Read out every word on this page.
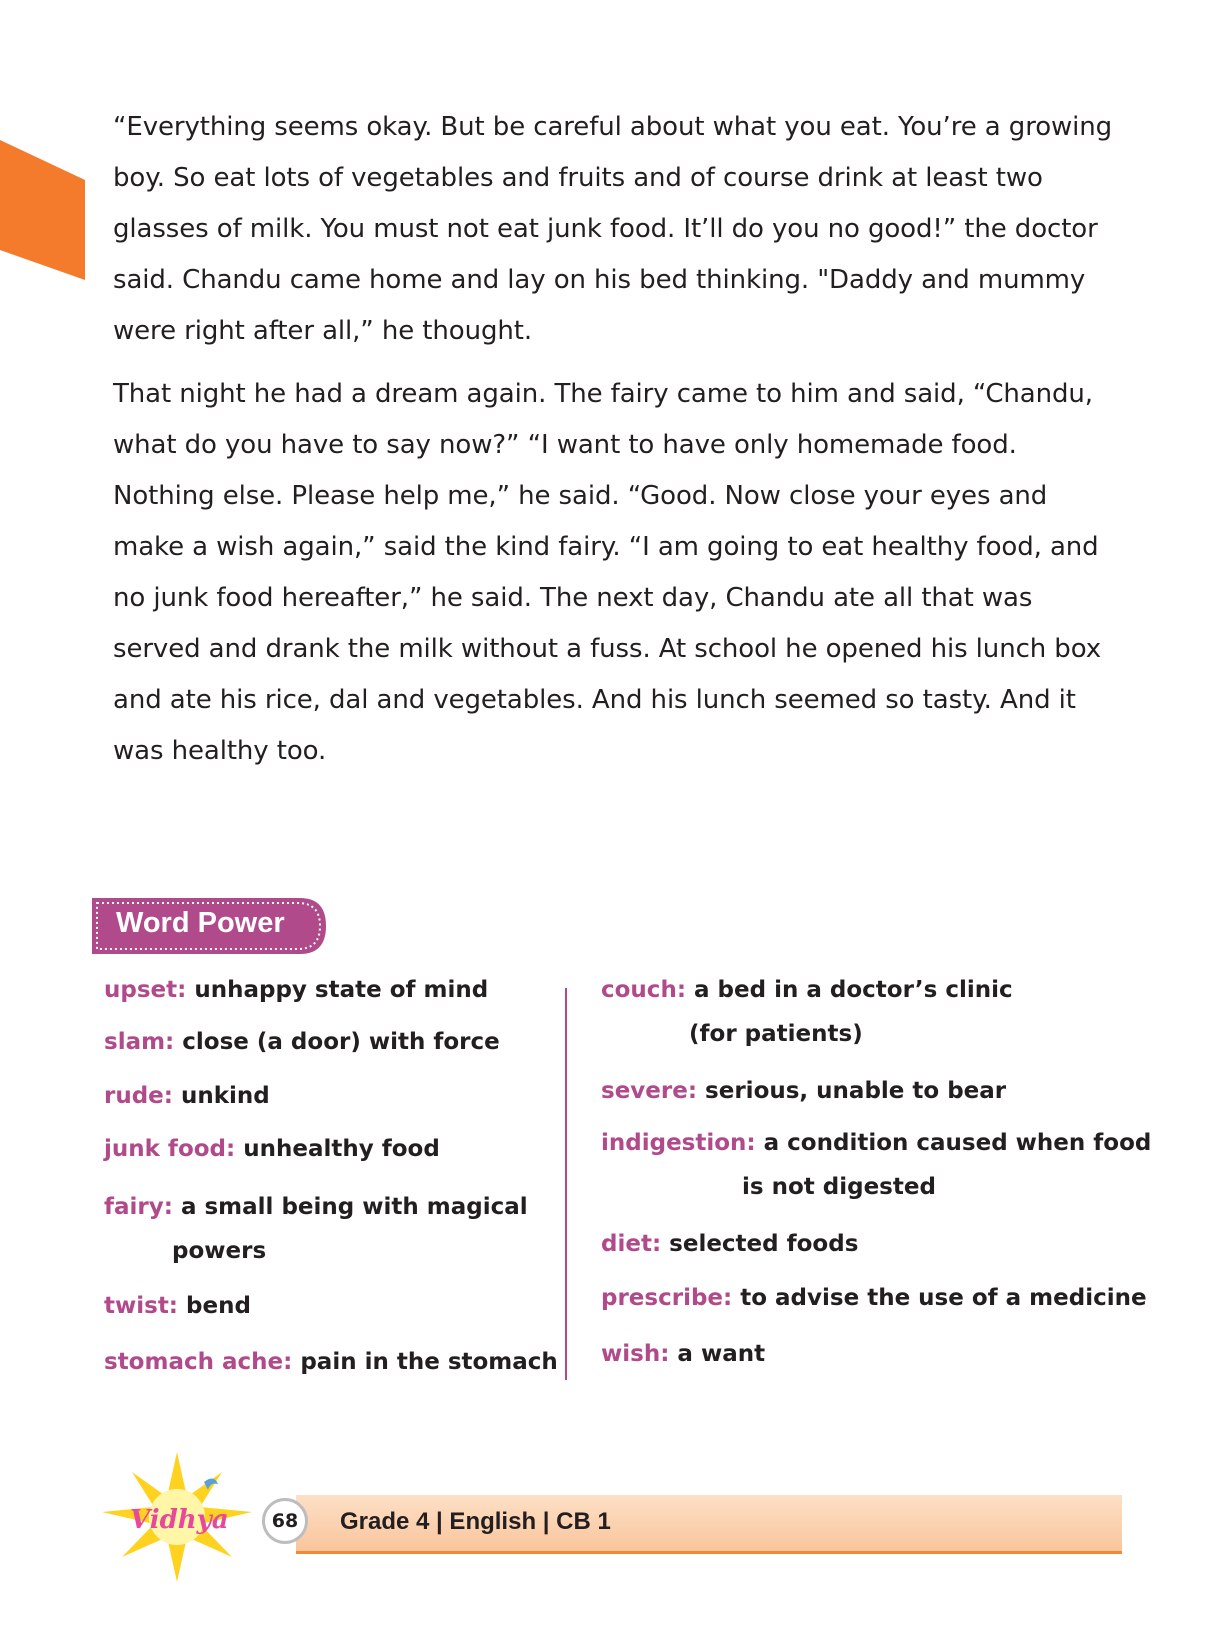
“Everything seems okay. But be careful about what you eat. You’re a growing boy. So eat lots of vegetables and fruits and of course drink at least two glasses of milk. You must not eat junk food. It’ll do you no good!” the doctor said. Chandu came home and lay on his bed thinking. "Daddy and mummy were right after all,” he thought.

That night he had a dream again. The fairy came to him and said, “Chandu, what do you have to say now?” “I want to have only homemade food. Nothing else. Please help me,” he said. “Good. Now close your eyes and make a wish again,” said the kind fairy. “I am going to eat healthy food, and no junk food hereafter,” he said. The next day, Chandu ate all that was served and drank the milk without a fuss. At school he opened his lunch box and ate his rice, dal and vegetables. And his lunch seemed so tasty. And it was healthy too.

Word Power
upset: unhappy state of mind
slam: close (a door) with force
rude: unkind
junk food: unhealthy food
fairy: a small being with magical
powers
twist: bend
stomach ache: pain in the stomach
couch: a bed in a doctor’s clinic
(for patients)
severe: serious, unable to bear
indigestion: a condition caused when food
is not digested
diet: selected foods
prescribe: to advise the use of a medicine
wish: a want
Vidhya	68	Grade 4 | English | CB 1
